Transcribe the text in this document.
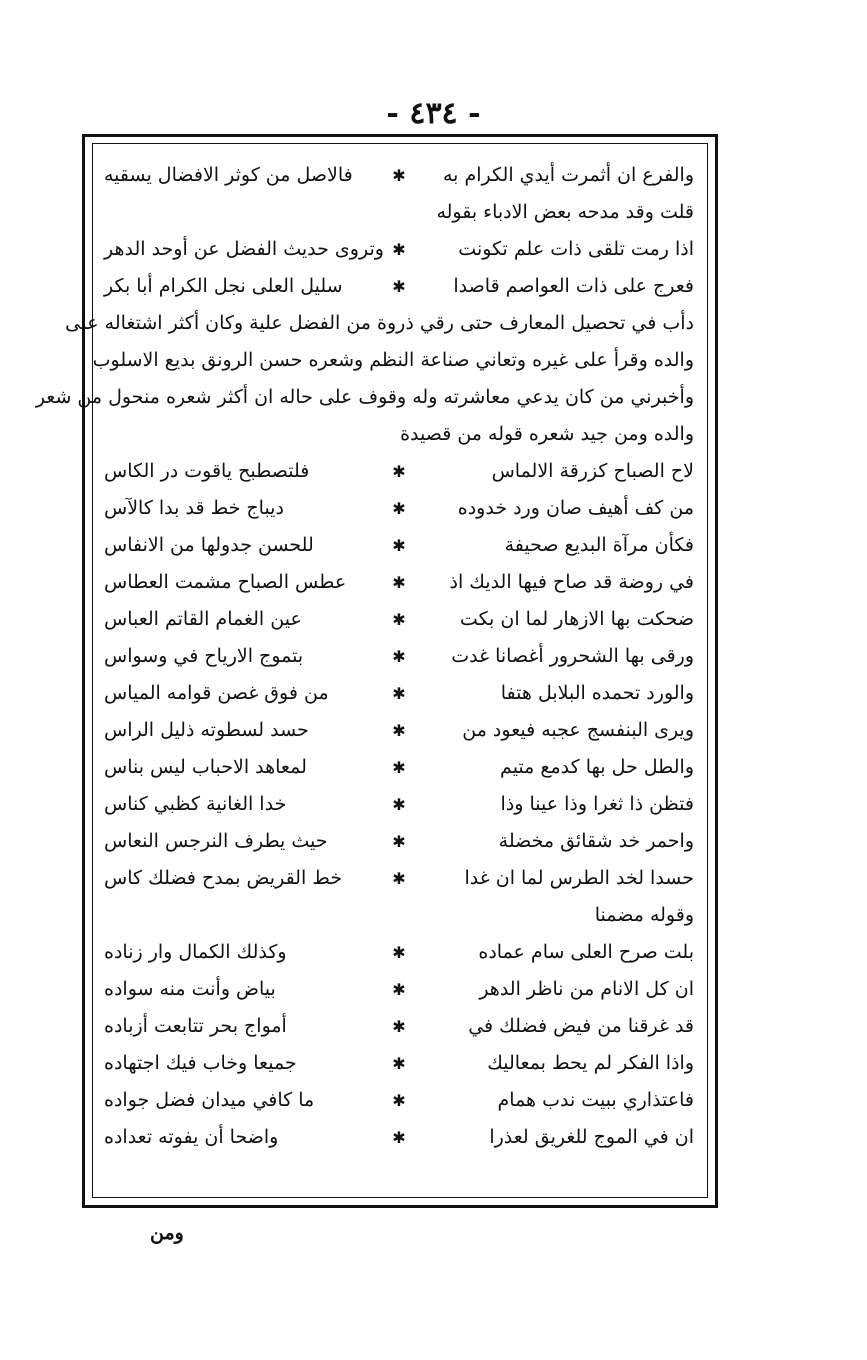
- ٤٣٤ -
والفرع ان أثمرت أيدي الكرام به
✱
فالاصل من كوثر الافضال يسقيه
قلت وقد مدحه بعض الادباء بقوله
اذا رمت تلقى ذات علم تكونت
✱
وتروى حديث الفضل عن أوحد الدهر
فعرج على ذات العواصم قاصدا
✱
سليل العلى نجل الكرام أبا بكر
دأب في تحصيل المعارف حتى رقي ذروة من الفضل علية وكان أكثر اشتغاله على
والده وقرأ على غيره وتعاني صناعة النظم وشعره حسن الرونق بديع الاسلوب
وأخبرني من كان يدعي معاشرته وله وقوف على حاله ان أكثر شعره منحول من شعر
والده ومن جيد شعره قوله من قصيدة
لاح الصباح كزرقة الالماس
✱
فلتصطبح ياقوت در الكاس
من كف أهيف صان ورد خدوده
✱
ديباج خط قد بدا كالآس
فكأن مرآة البديع صحيفة
✱
للحسن جدولها من الانفاس
في روضة قد صاح فيها الديك اذ
✱
عطس الصباح مشمت العطاس
ضحكت بها الازهار لما ان بكت
✱
عين الغمام القاتم العباس
ورقى بها الشحرور أغصانا غدت
✱
بتموج الارياح في وسواس
والورد تحمده البلابل هتفا
✱
من فوق غصن قوامه المياس
ويرى البنفسج عجبه فيعود من
✱
حسد لسطوته ذليل الراس
والطل حل بها كدمع متيم
✱
لمعاهد الاحباب ليس بناس
فتظن ذا ثغرا وذا عينا وذا
✱
خدا الغانية كظبي كناس
واحمر خد شقائق مخضلة
✱
حيث يطرف النرجس النعاس
حسدا لخد الطرس لما ان غدا
✱
خط القريض بمدح فضلك كاس
وقوله مضمنا
بلت صرح العلى سام عماده
✱
وكذلك الكمال وار زناده
ان كل الانام من ناظر الدهر
✱
بياض وأنت منه سواده
قد غرقنا من فيض فضلك في
✱
أمواج بحر تتابعت أزباده
واذا الفكر لم يحط بمعاليك
✱
جميعا وخاب فيك اجتهاده
فاعتذاري ببيت ندب همام
✱
ما كافي ميدان فضل جواده
ان في الموج للغريق لعذرا
✱
واضحا أن يفوته تعداده
ومن
